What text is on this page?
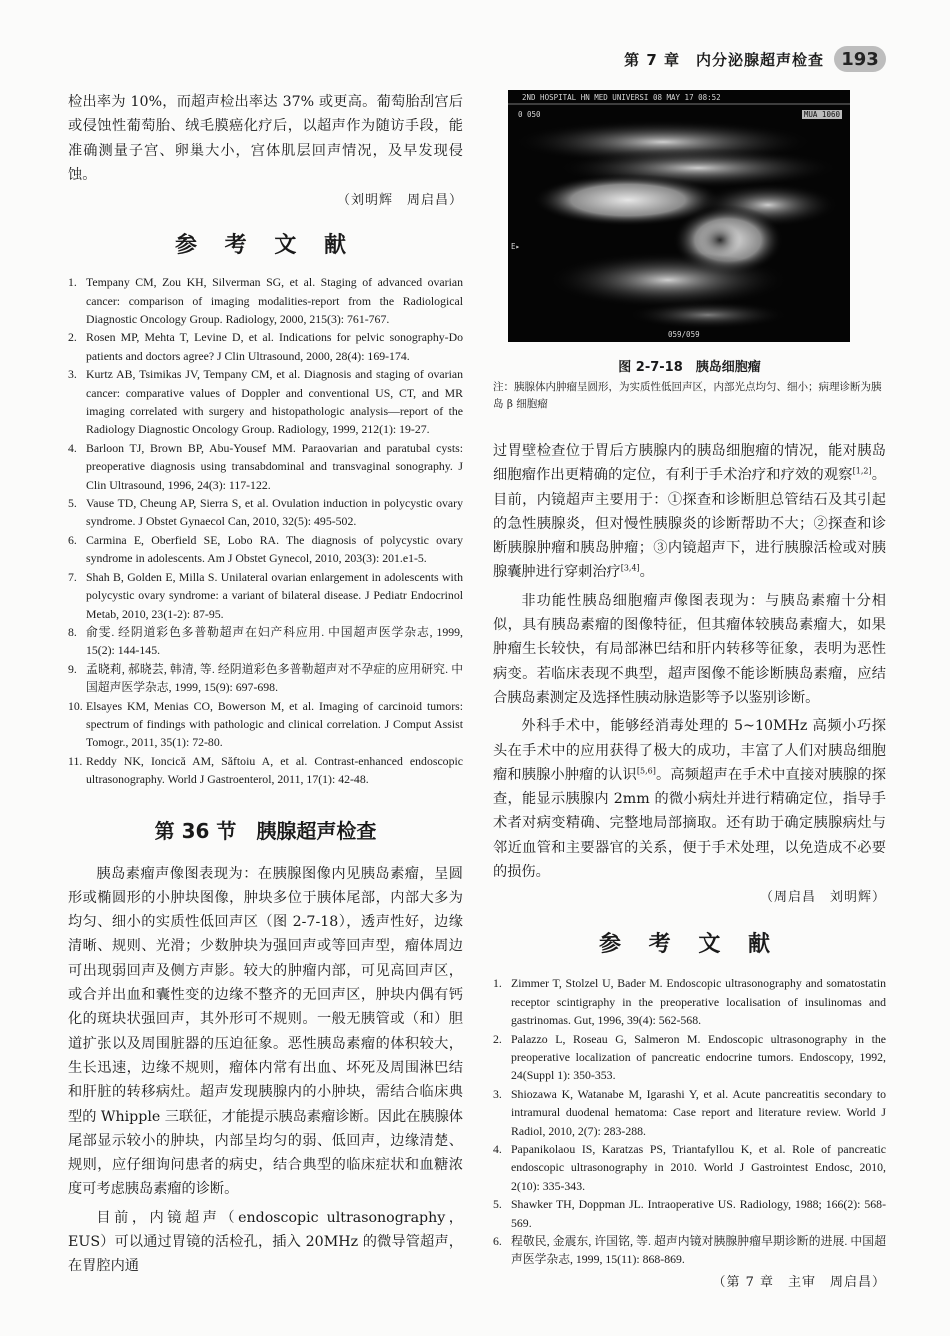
第 7 章　内分泌腺超声检查 193

检出率为 10%，而超声检出率达 37% 或更高。葡萄胎刮宫后或侵蚀性葡萄胎、绒毛膜癌化疗后，以超声作为随访手段，能准确测量子宫、卵巢大小，宫体肌层回声情况，及早发现侵蚀。

（刘明辉　周启昌）

参 考 文 献
1. Tempany CM, Zou KH, Silverman SG, et al. Staging of advanced ovarian cancer: comparison of imaging modalities-report from the Radiological Diagnostic Oncology Group. Radiology, 2000, 215(3): 761-767.
2. Rosen MP, Mehta T, Levine D, et al. Indications for pelvic sonography-Do patients and doctors agree? J Clin Ultrasound, 2000, 28(4): 169-174.
3. Kurtz AB, Tsimikas JV, Tempany CM, et al. Diagnosis and staging of ovarian cancer: comparative values of Doppler and conventional US, CT, and MR imaging correlated with surgery and histopathologic analysis—report of the Radiology Diagnostic Oncology Group. Radiology, 1999, 212(1): 19-27.
4. Barloon TJ, Brown BP, Abu-Yousef MM. Paraovarian and paratubal cysts: preoperative diagnosis using transabdominal and transvaginal sonography. J Clin Ultrasound, 1996, 24(3): 117-122.
5. Vause TD, Cheung AP, Sierra S, et al. Ovulation induction in polycystic ovary syndrome. J Obstet Gynaecol Can, 2010, 32(5): 495-502.
6. Carmina E, Oberfield SE, Lobo RA. The diagnosis of polycystic ovary syndrome in adolescents. Am J Obstet Gynecol, 2010, 203(3): 201.e1-5.
7. Shah B, Golden E, Milla S. Unilateral ovarian enlargement in adolescents with polycystic ovary syndrome: a variant of bilateral disease. J Pediatr Endocrinol Metab, 2010, 23(1-2): 87-95.
8. 俞雯. 经阴道彩色多普勒超声在妇产科应用. 中国超声医学杂志, 1999, 15(2): 144-145.
9. 孟晓莉, 郝晓芸, 韩清, 等. 经阴道彩色多普勒超声对不孕症的应用研究. 中国超声医学杂志, 1999, 15(9): 697-698.
10. Elsayes KM, Menias CO, Bowerson M, et al. Imaging of carcinoid tumors: spectrum of findings with pathologic and clinical correlation. J Comput Assist Tomogr., 2011, 35(1): 72-80.
11. Reddy NK, Ioncică AM, Săftoiu A, et al. Contrast-enhanced endoscopic ultrasonography. World J Gastroenterol, 2011, 17(1): 42-48.
第 36 节　胰腺超声检查

胰岛素瘤声像图表现为：在胰腺图像内见胰岛素瘤，呈圆形或椭圆形的小肿块图像，肿块多位于胰体尾部，内部大多为均匀、细小的实质性低回声区（图 2-7-18），透声性好，边缘清晰、规则、光滑；少数肿块为强回声或等回声型，瘤体周边可出现弱回声及侧方声影。较大的肿瘤内部，可见高回声区，或合并出血和囊性变的边缘不整齐的无回声区，肿块内偶有钙化的斑块状强回声，其外形可不规则。一般无胰管或（和）胆道扩张以及周围脏器的压迫征象。恶性胰岛素瘤的体积较大，生长迅速，边缘不规则，瘤体内常有出血、坏死及周围淋巴结和肝脏的转移病灶。超声发现胰腺内的小肿块，需结合临床典型的 Whipple 三联征，才能提示胰岛素瘤诊断。因此在胰腺体尾部显示较小的肿块，内部呈均匀的弱、低回声，边缘清楚、规则，应仔细询问患者的病史，结合典型的临床症状和血糖浓度可考虑胰岛素瘤的诊断。

目前，内镜超声（endoscopic ultrasonography，EUS）可以通过胃镜的活检孔，插入 20MHz 的微导管超声，在胃腔内通

2ND HOSPITAL HN MED UNIVERSI 08 MAY 17 08:52
0 050	MUA 1060
E▸
059/059
图 2-7-18　胰岛细胞瘤
注：胰腺体内肿瘤呈圆形，为实质性低回声区，内部光点均匀、细小；病理诊断为胰岛 β 细胞瘤

过胃壁检查位于胃后方胰腺内的胰岛细胞瘤的情况，能对胰岛细胞瘤作出更精确的定位，有利于手术治疗和疗效的观察[1,2]。目前，内镜超声主要用于：①探查和诊断胆总管结石及其引起的急性胰腺炎，但对慢性胰腺炎的诊断帮助不大；②探查和诊断胰腺肿瘤和胰岛肿瘤；③内镜超声下，进行胰腺活检或对胰腺囊肿进行穿刺治疗[3,4]。

非功能性胰岛细胞瘤声像图表现为：与胰岛素瘤十分相似，具有胰岛素瘤的图像特征，但其瘤体较胰岛素瘤大，如果肿瘤生长较快，有局部淋巴结和肝内转移等征象，表明为恶性病变。若临床表现不典型，超声图像不能诊断胰岛素瘤，应结合胰岛素测定及选择性胰动脉造影等予以鉴别诊断。

外科手术中，能够经消毒处理的 5~10MHz 高频小巧探头在手术中的应用获得了极大的成功，丰富了人们对胰岛细胞瘤和胰腺小肿瘤的认识[5,6]。高频超声在手术中直接对胰腺的探查，能显示胰腺内 2mm 的微小病灶并进行精确定位，指导手术者对病变精确、完整地局部摘取。还有助于确定胰腺病灶与邻近血管和主要器官的关系，便于手术处理，以免造成不必要的损伤。

（周启昌　刘明辉）

参 考 文 献
1. Zimmer T, Stolzel U, Bader M. Endoscopic ultrasonography and somatostatin receptor scintigraphy in the preoperative localisation of insulinomas and gastrinomas. Gut, 1996, 39(4): 562-568.
2. Palazzo L, Roseau G, Salmeron M. Endoscopic ultrasonography in the preoperative localization of pancreatic endocrine tumors. Endoscopy, 1992, 24(Suppl 1): 350-353.
3. Shiozawa K, Watanabe M, Igarashi Y, et al. Acute pancreatitis secondary to intramural duodenal hematoma: Case report and literature review. World J Radiol, 2010, 2(7): 283-288.
4. Papanikolaou IS, Karatzas PS, Triantafyllou K, et al. Role of pancreatic endoscopic ultrasonography in 2010. World J Gastrointest Endosc, 2010, 2(10): 335-343.
5. Shawker TH, Doppman JL. Intraoperative US. Radiology, 1988; 166(2): 568-569.
6. 程敬民, 金震东, 许国铭, 等. 超声内镜对胰腺肿瘤早期诊断的进展. 中国超声医学杂志, 1999, 15(11): 868-869.

（第 7 章　主审　周启昌）
